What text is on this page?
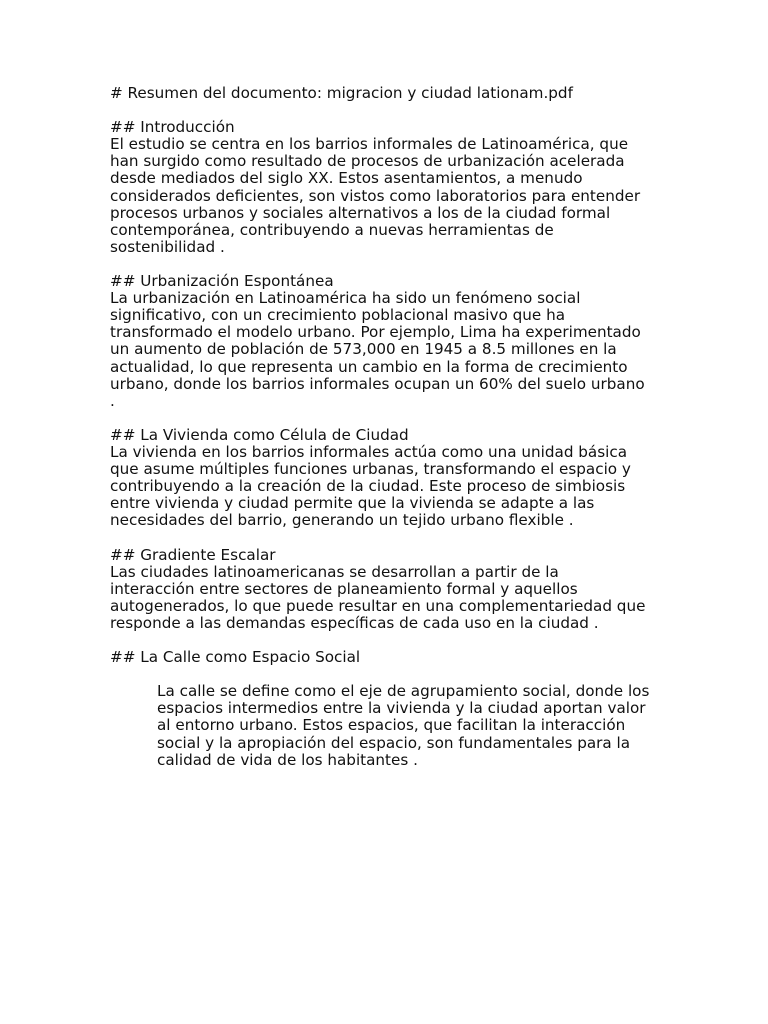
# Resumen del documento: migracion y ciudad lationam.pdf
## Introducción
El estudio se centra en los barrios informales de Latinoamérica, que
han surgido como resultado de procesos de urbanización acelerada
desde mediados del siglo XX. Estos asentamientos, a menudo
considerados deficientes, son vistos como laboratorios para entender
procesos urbanos y sociales alternativos a los de la ciudad formal
contemporánea, contribuyendo a nuevas herramientas de
sostenibilidad .
## Urbanización Espontánea
La urbanización en Latinoamérica ha sido un fenómeno social
significativo, con un crecimiento poblacional masivo que ha
transformado el modelo urbano. Por ejemplo, Lima ha experimentado
un aumento de población de 573,000 en 1945 a 8.5 millones en la
actualidad, lo que representa un cambio en la forma de crecimiento
urbano, donde los barrios informales ocupan un 60% del suelo urbano
.
## La Vivienda como Célula de Ciudad
La vivienda en los barrios informales actúa como una unidad básica
que asume múltiples funciones urbanas, transformando el espacio y
contribuyendo a la creación de la ciudad. Este proceso de simbiosis
entre vivienda y ciudad permite que la vivienda se adapte a las
necesidades del barrio, generando un tejido urbano flexible .
## Gradiente Escalar
Las ciudades latinoamericanas se desarrollan a partir de la
interacción entre sectores de planeamiento formal y aquellos
autogenerados, lo que puede resultar en una complementariedad que
responde a las demandas específicas de cada uso en la ciudad .
## La Calle como Espacio Social
La calle se define como el eje de agrupamiento social, donde los
espacios intermedios entre la vivienda y la ciudad aportan valor
al entorno urbano. Estos espacios, que facilitan la interacción
social y la apropiación del espacio, son fundamentales para la
calidad de vida de los habitantes .
